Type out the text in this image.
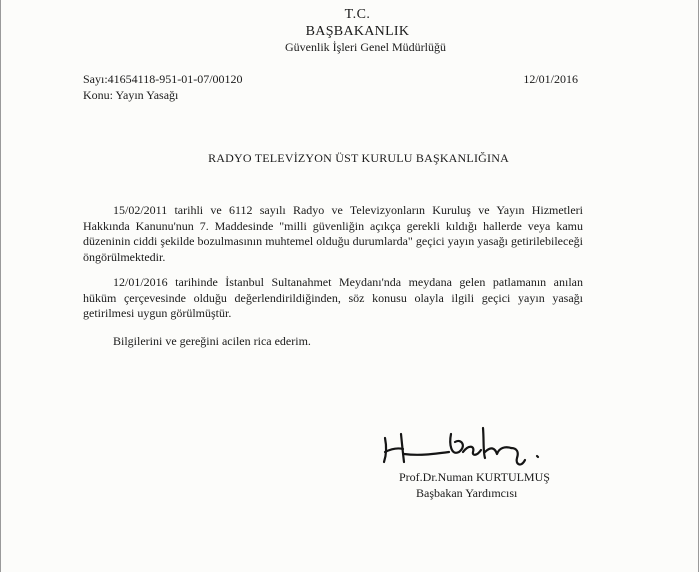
T.C.
BAŞBAKANLIK
Güvenlik İşleri Genel Müdürlüğü
Sayı:41654118-951-01-07/00120
Konu: Yayın Yasağı
12/01/2016
RADYO TELEVİZYON ÜST KURULU BAŞKANLIĞINA

15/02/2011 tarihli ve 6112 sayılı Radyo ve Televizyonların Kuruluş ve Yayın Hizmetleri Hakkında Kanunu'nun 7. Maddesinde "milli güvenliğin açıkça gerekli kıldığı hallerde veya kamu düzeninin ciddi şekilde bozulmasının muhtemel olduğu durumlarda" geçici yayın yasağı getirilebileceği öngörülmektedir.

12/01/2016 tarihinde İstanbul Sultanahmet Meydanı'nda meydana gelen patlamanın anılan hüküm çerçevesinde olduğu değerlendirildiğinden, söz konusu olayla ilgili geçici yayın yasağı getirilmesi uygun görülmüştür.

Bilgilerini ve gereğini acilen rica ederim.

Prof.Dr.Numan KURTULMUŞ
Başbakan Yardımcısı
